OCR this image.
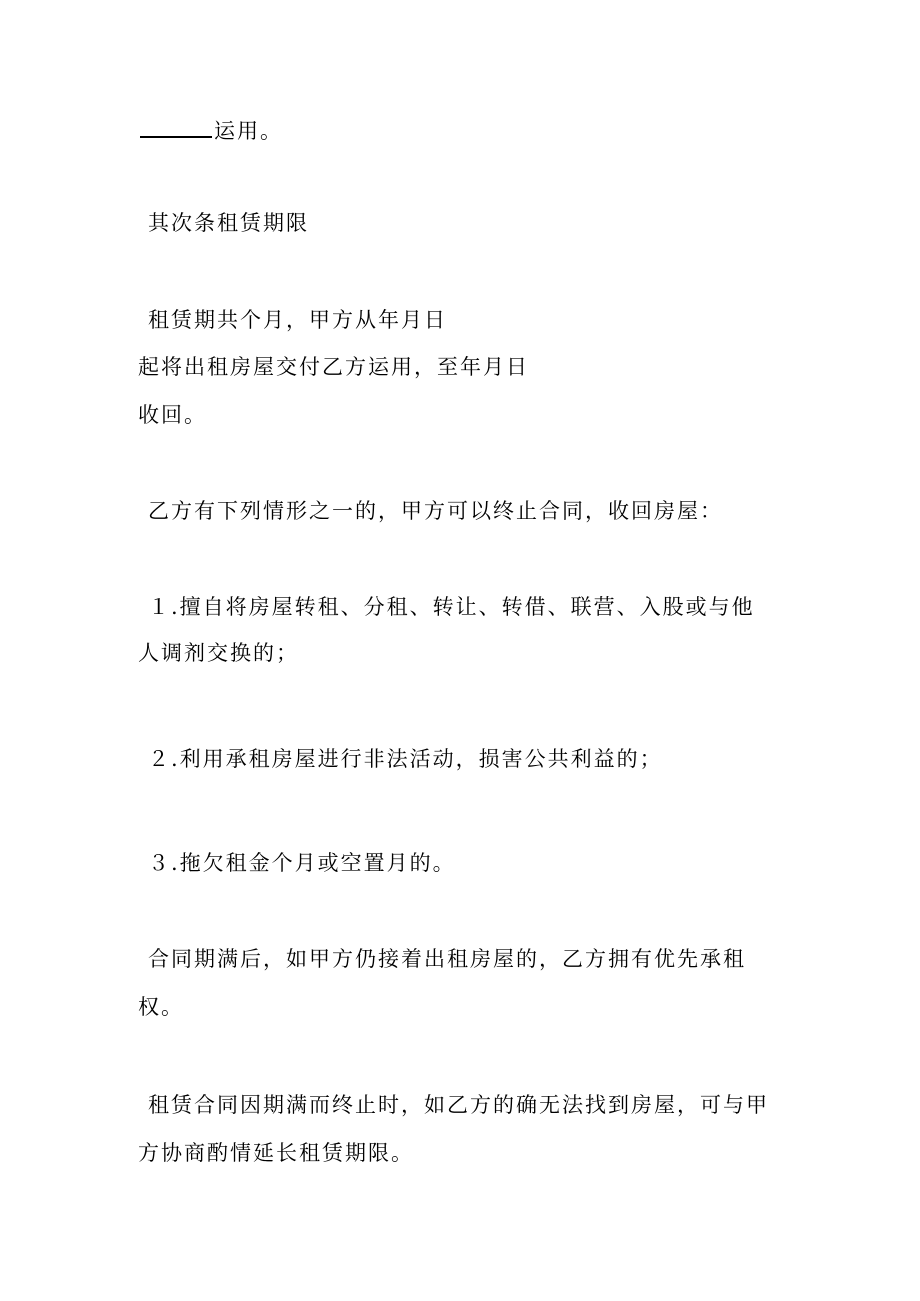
运用。
其次条租赁期限
租赁期共个月，甲方从年月日
起将出租房屋交付乙方运用，至年月日
收回。
乙方有下列情形之一的，甲方可以终止合同，收回房屋：
１.擅自将房屋转租、分租、转让、转借、联营、入股或与他
人调剂交换的；
２.利用承租房屋进行非法活动，损害公共利益的；
３.拖欠租金个月或空置月的。
合同期满后，如甲方仍接着出租房屋的，乙方拥有优先承租
权。
租赁合同因期满而终止时，如乙方的确无法找到房屋，可与甲
方协商酌情延长租赁期限。
